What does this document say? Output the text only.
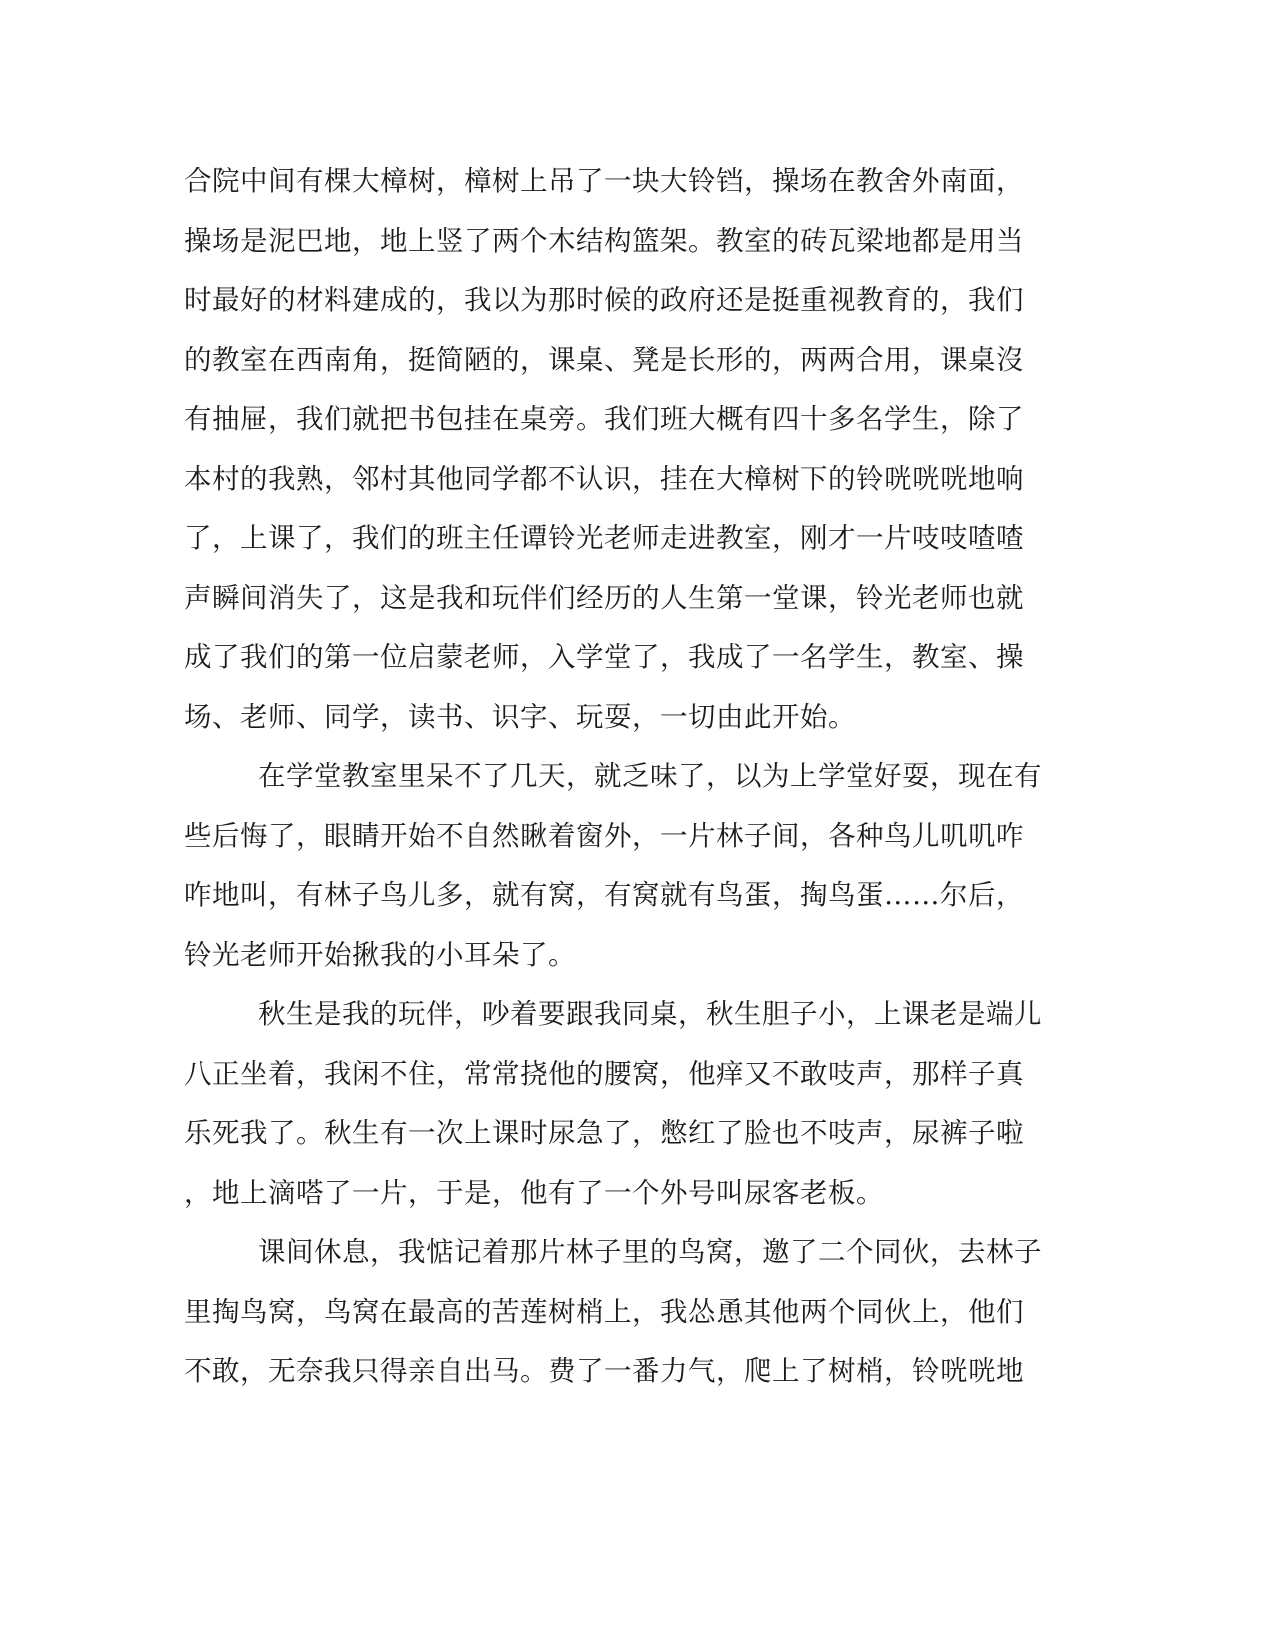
合院中间有棵大樟树，樟树上吊了一块大铃铛，操场在教舍外南面，
操场是泥巴地，地上竖了两个木结构篮架。教室的砖瓦梁地都是用当
时最好的材料建成的，我以为那时候的政府还是挺重视教育的，我们
的教室在西南角，挺简陋的，课桌、凳是长形的，两两合用，课桌沒
有抽屉，我们就把书包挂在桌旁。我们班大概有四十多名学生，除了
本村的我熟，邻村其他同学都不认识，挂在大樟树下的铃咣咣咣地响
了，上课了，我们的班主任谭铃光老师走进教室，刚才一片吱吱喳喳
声瞬间消失了，这是我和玩伴们经历的人生第一堂课，铃光老师也就
成了我们的第一位启蒙老师，入学堂了，我成了一名学生，教室、操
场、老师、同学，读书、识字、玩耍，一切由此开始。
在学堂教室里呆不了几天，就乏味了，以为上学堂好耍，现在有
些后悔了，眼睛开始不自然瞅着窗外，一片林子间，各种鸟儿叽叽咋
咋地叫，有林子鸟儿多，就有窝，有窝就有鸟蛋，掏鸟蛋……尔后，
铃光老师开始揪我的小耳朵了。
秋生是我的玩伴，吵着要跟我同桌，秋生胆子小，上课老是端儿
八正坐着，我闲不住，常常挠他的腰窝，他痒又不敢吱声，那样子真
乐死我了。秋生有一次上课时尿急了，憋红了脸也不吱声，尿裤子啦
，地上滴嗒了一片，于是，他有了一个外号叫尿客老板。
课间休息，我惦记着那片林子里的鸟窝，邀了二个同伙，去林子
里掏鸟窝，鸟窝在最高的苦莲树梢上，我怂恿其他两个同伙上，他们
不敢，无奈我只得亲自出马。费了一番力气，爬上了树梢，铃咣咣地
